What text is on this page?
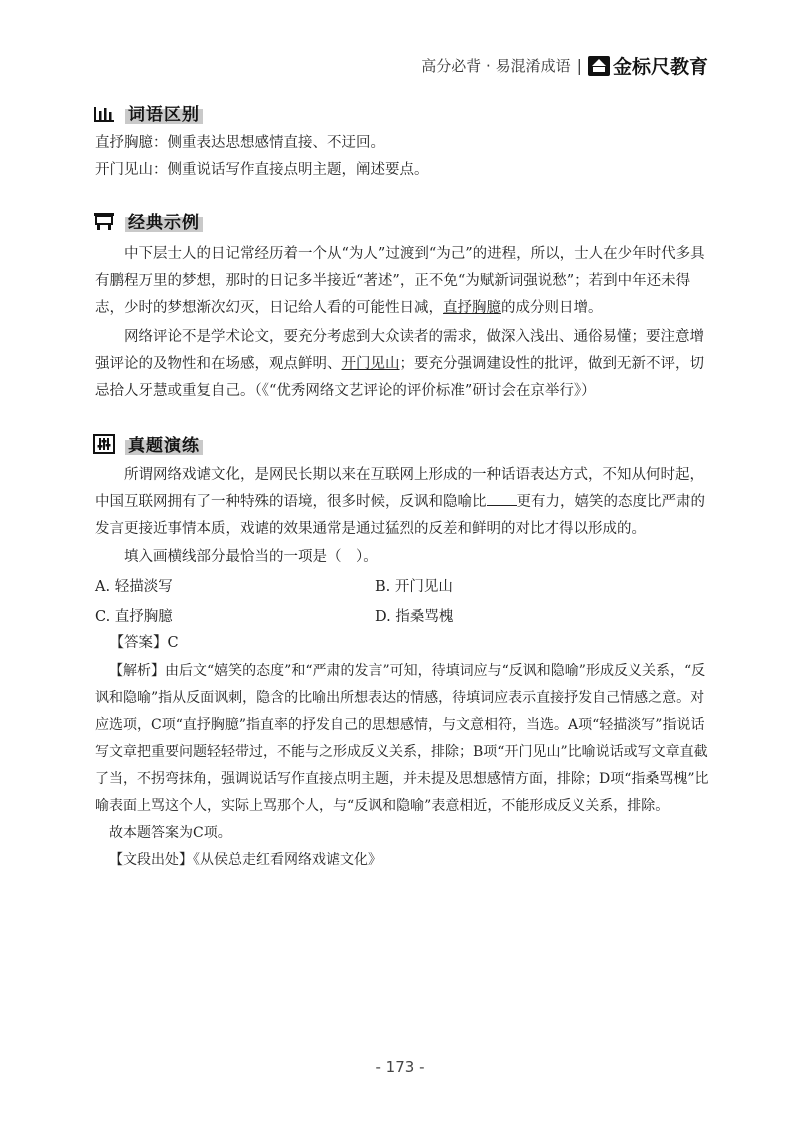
高分必背 · 易混淆成语 | 金标尺教育
词语区别
直抒胸臆：侧重表达思想感情直接、不迂回。
开门见山：侧重说话写作直接点明主题，阐述要点。
经典示例
中下层士人的日记常经历着一个从“为人”过渡到“为己”的进程，所以，士人在少年时代多具有鹏程万里的梦想，那时的日记多半接近“著述”，正不免“为赋新词强说愁”；若到中年还未得志，少时的梦想渐次幻灭，日记给人看的可能性日减，直抒胸臆的成分则日增。
网络评论不是学术论文，要充分考虑到大众读者的需求，做深入浅出、通俗易懂；要注意增强评论的及物性和在场感，观点鲜明、开门见山；要充分强调建设性的批评，做到无新不评，切忌拾人牙慧或重复自己。（《“优秀网络文艺评论的评价标准”研讨会在京举行》）
真题演练
所谓网络戏谑文化，是网民长期以来在互联网上形成的一种话语表达方式，不知从何时起，中国互联网拥有了一种特殊的语境，很多时候，反讽和隐喻比 更有力，嬉笑的态度比严肃的发言更接近事情本质，戏谑的效果通常是通过猛烈的反差和鲜明的对比才得以形成的。
填入画横线部分最恰当的一项是（　）。
A. 轻描淡写	B. 开门见山
C. 直抒胸臆	D. 指桑骂槐
【答案】C
【解析】由后文“嬉笑的态度”和“严肃的发言”可知，待填词应与“反讽和隐喻”形成反义关系，“反讽和隐喻”指从反面讽刺，隐含的比喻出所想表达的情感，待填词应表示直接抒发自己情感之意。对应选项，C项“直抒胸臆”指直率的抒发自己的思想感情，与文意相符，当选。A项“轻描淡写”指说话写文章把重要问题轻轻带过，不能与之形成反义关系，排除；B项“开门见山”比喻说话或写文章直截了当，不拐弯抹角，强调说话写作直接点明主题，并未提及思想感情方面，排除；D项“指桑骂槐”比喻表面上骂这个人，实际上骂那个人，与“反讽和隐喻”表意相近，不能形成反义关系，排除。
故本题答案为C项。
【文段出处】《从侯总走红看网络戏谑文化》
- 173 -
